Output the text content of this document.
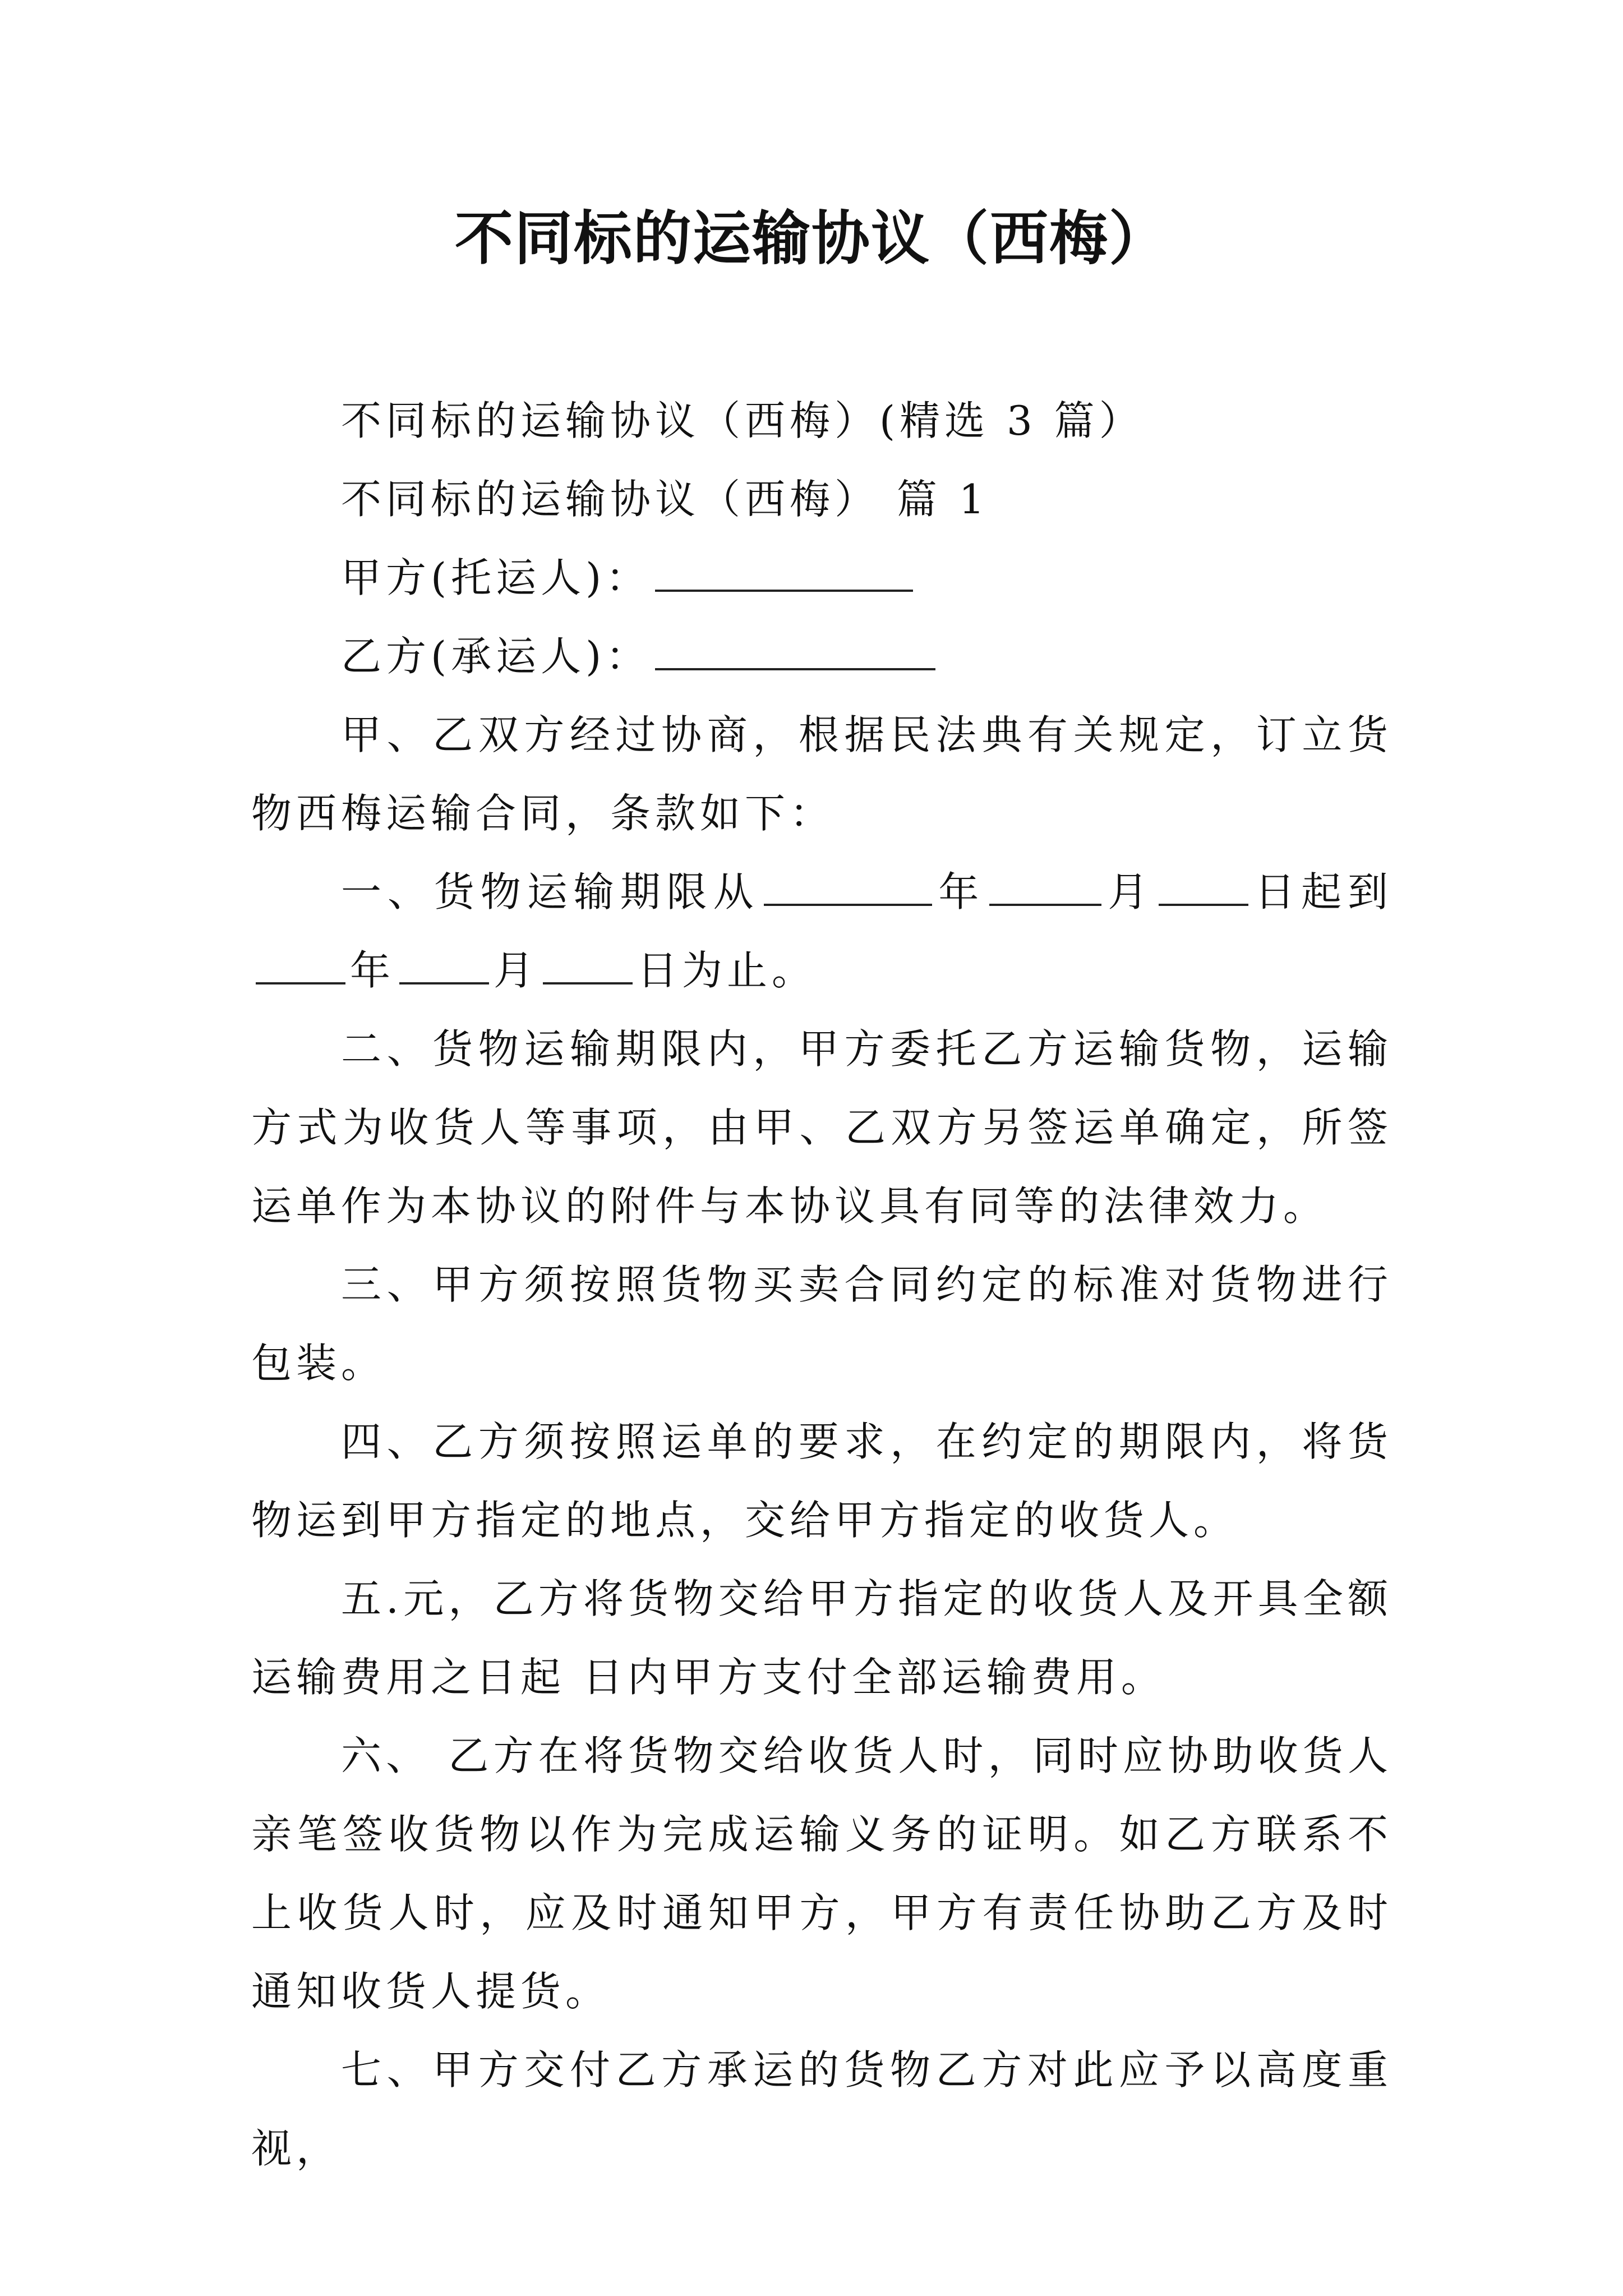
不同标的运输协议（西梅）

不同标的运输协议（西梅）(精选 3 篇）

不同标的运输协议（西梅） 篇 1

甲方(托运人)：

乙方(承运人)：

甲、乙双方经过协商，根据民法典有关规定，订立货物西梅运输合同，条款如下：

一、货物运输期限从	年	月 日起到年 月 日为止。

二、货物运输期限内，甲方委托乙方运输货物，运输方式为收货人等事项，由甲、乙双方另签运单确定，所签运单作为本协议的附件与本协议具有同等的法律效力。

三、甲方须按照货物买卖合同约定的标准对货物进行包装。

四、乙方须按照运单的要求，在约定的期限内，将货物运到甲方指定的地点，交给甲方指定的收货人。

五.元，乙方将货物交给甲方指定的收货人及开具全额运输费用之日起 日内甲方支付全部运输费用。

六、 乙方在将货物交给收货人时，同时应协助收货人亲笔签收货物以作为完成运输义务的证明。如乙方联系不上收货人时，应及时通知甲方，甲方有责任协助乙方及时通知收货人提货。

七、甲方交付乙方承运的货物乙方对此应予以高度重视，
